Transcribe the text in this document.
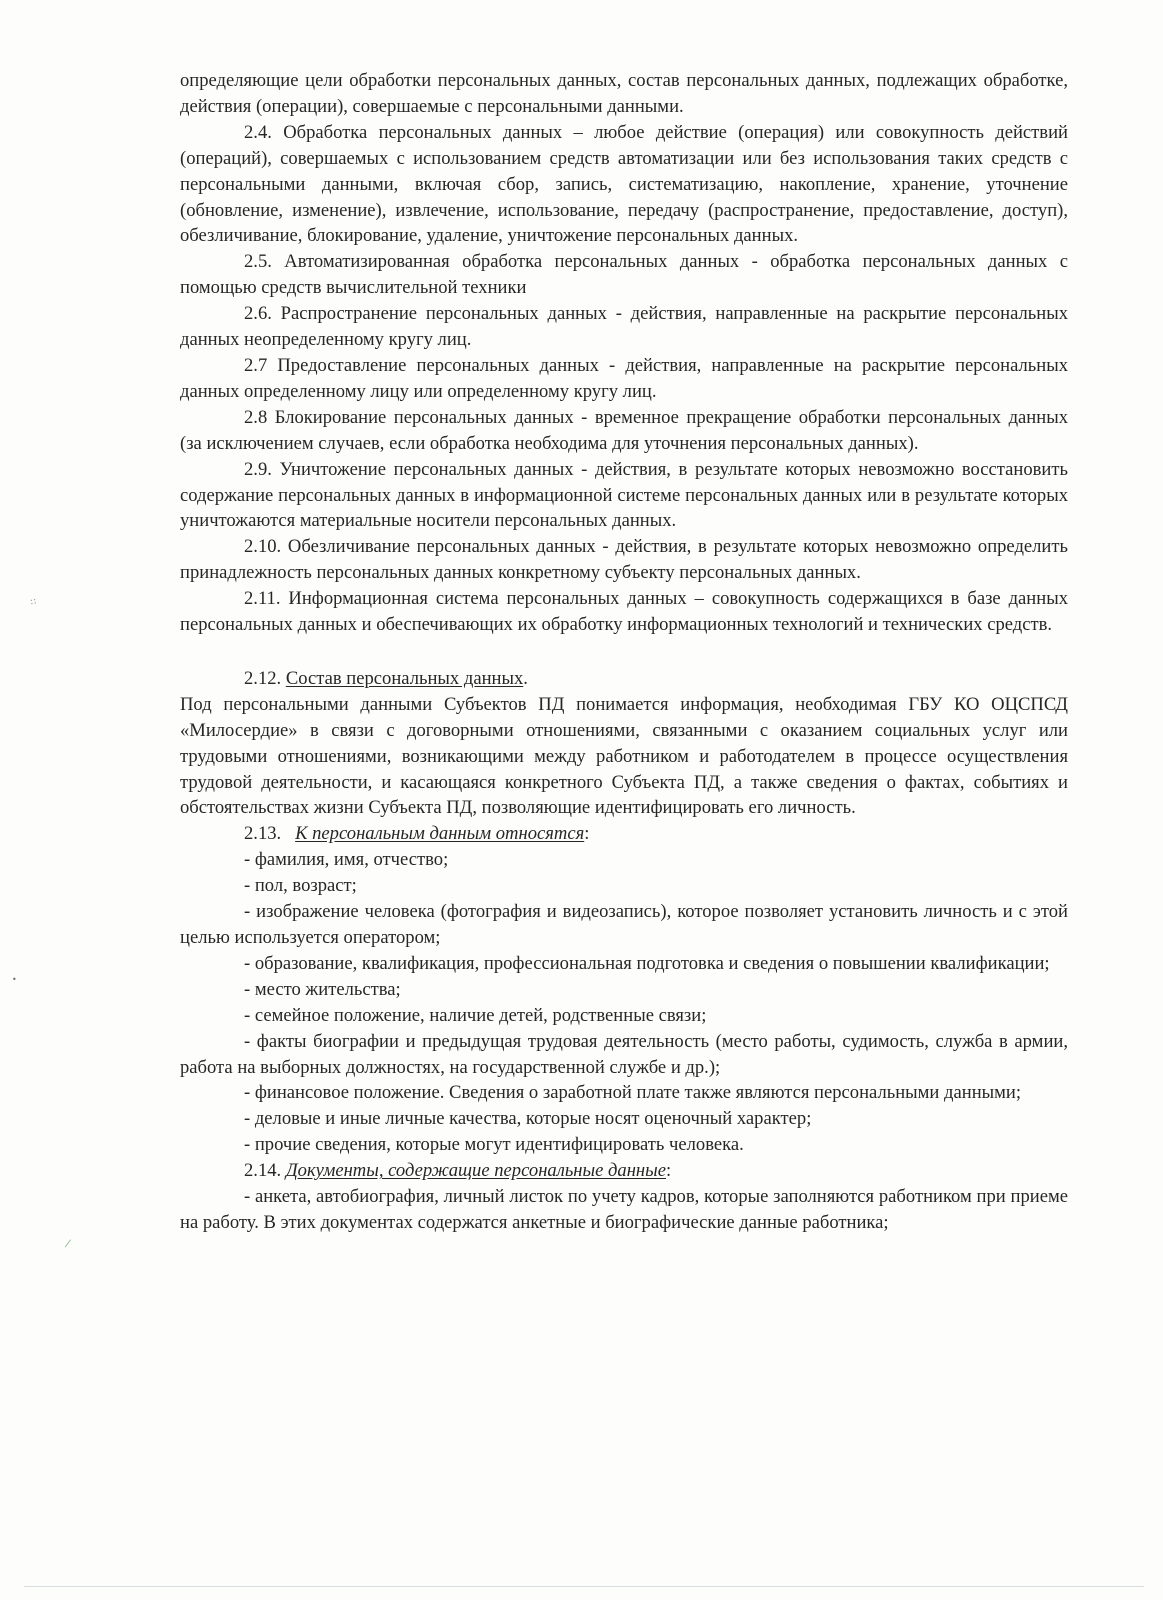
определяющие цели обработки персональных данных, состав персональных данных, подлежащих обработке, действия (операции), совершаемые с персональными данными.

2.4. Обработка персональных данных – любое действие (операция) или совокупность действий (операций), совершаемых с использованием средств автоматизации или без использования таких средств с персональными данными, включая сбор, запись, систематизацию, накопление, хранение, уточнение (обновление, изменение), извлечение, использование, передачу (распространение, предоставление, доступ), обезличивание, блокирование, удаление, уничтожение персональных данных.

2.5. Автоматизированная обработка персональных данных - обработка персональных данных с помощью средств вычислительной техники

2.6. Распространение персональных данных - действия, направленные на раскрытие персональных данных неопределенному кругу лиц.

2.7 Предоставление персональных данных - действия, направленные на раскрытие персональных данных определенному лицу или определенному кругу лиц.

2.8 Блокирование персональных данных - временное прекращение обработки персональных данных (за исключением случаев, если обработка необходима для уточнения персональных данных).

2.9. Уничтожение персональных данных - действия, в результате которых невозможно восстановить содержание персональных данных в информационной системе персональных данных или в результате которых уничтожаются материальные носители персональных данных.

2.10. Обезличивание персональных данных - действия, в результате которых невозможно определить принадлежность персональных данных конкретному субъекту персональных данных.

2.11. Информационная система персональных данных – совокупность содержащихся в базе данных персональных данных и обеспечивающих их обработку информационных технологий и технических средств.

2.12. Состав персональных данных.

Под персональными данными Субъектов ПД понимается информация, необходимая ГБУ КО ОЦСПСД «Милосердие» в связи с договорными отношениями, связанными с оказанием социальных услуг или трудовыми отношениями, возникающими между работником и работодателем в процессе осуществления трудовой деятельности, и касающаяся конкретного Субъекта ПД, а также сведения о фактах, событиях и обстоятельствах жизни Субъекта ПД, позволяющие идентифицировать его личность.

2.13.   К персональным данным относятся:

- фамилия, имя, отчество;

- пол, возраст;

- изображение человека (фотография и видеозапись), которое позволяет установить личность и с этой целью используется оператором;

- образование, квалификация, профессиональная подготовка и сведения о повышении квалификации;

- место жительства;

- семейное положение, наличие детей, родственные связи;

- факты биографии и предыдущая трудовая деятельность (место работы, судимость, служба в армии, работа на выборных должностях, на государственной службе и др.);

- финансовое положение. Сведения о заработной плате также являются персональными данными;

- деловые и иные личные качества, которые носят оценочный характер;

- прочие сведения, которые могут идентифицировать человека.

2.14. Документы, содержащие персональные данные:

- анкета, автобиография, личный листок по учету кадров, которые заполняются работником при приеме на работу. В этих документах содержатся анкетные и биографические данные работника;

⁘
•
/
